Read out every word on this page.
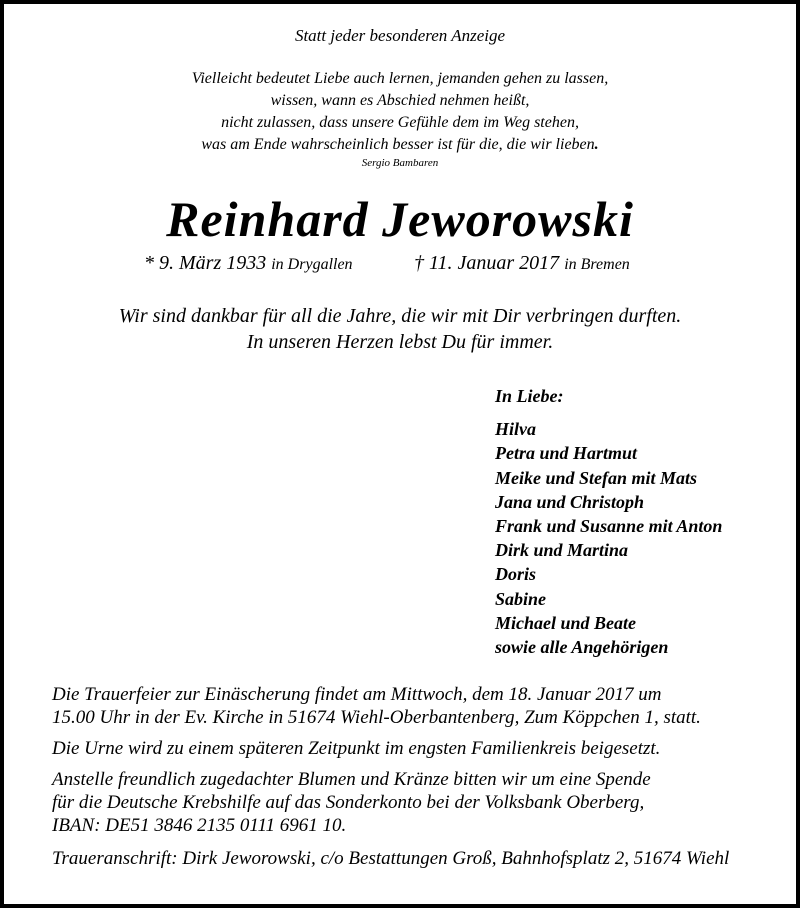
Statt jeder besonderen Anzeige
Vielleicht bedeutet Liebe auch lernen, jemanden gehen zu lassen,
wissen, wann es Abschied nehmen heißt,
nicht zulassen, dass unsere Gefühle dem im Weg stehen,
was am Ende wahrscheinlich besser ist für die, die wir lieben.
Sergio Bambaren
Reinhard Jeworowski
* 9. März 1933 in Drygallen	† 11. Januar 2017 in Bremen
Wir sind dankbar für all die Jahre, die wir mit Dir verbringen durften.
In unseren Herzen lebst Du für immer.
In Liebe:
Hilva
Petra und Hartmut
Meike und Stefan mit Mats
Jana und Christoph
Frank und Susanne mit Anton
Dirk und Martina
Doris
Sabine
Michael und Beate
sowie alle Angehörigen

Die Trauerfeier zur Einäscherung findet am Mittwoch, dem 18. Januar 2017 um
15.00 Uhr in der Ev. Kirche in 51674 Wiehl-Oberbantenberg, Zum Köppchen 1, statt.

Die Urne wird zu einem späteren Zeitpunkt im engsten Familienkreis beigesetzt.

Anstelle freundlich zugedachter Blumen und Kränze bitten wir um eine Spende
für die Deutsche Krebshilfe auf das Sonderkonto bei der Volksbank Oberberg,
IBAN: DE51 3846 2135 0111 6961 10.

Traueranschrift: Dirk Jeworowski, c/o Bestattungen Groß, Bahnhofsplatz 2, 51674 Wiehl
